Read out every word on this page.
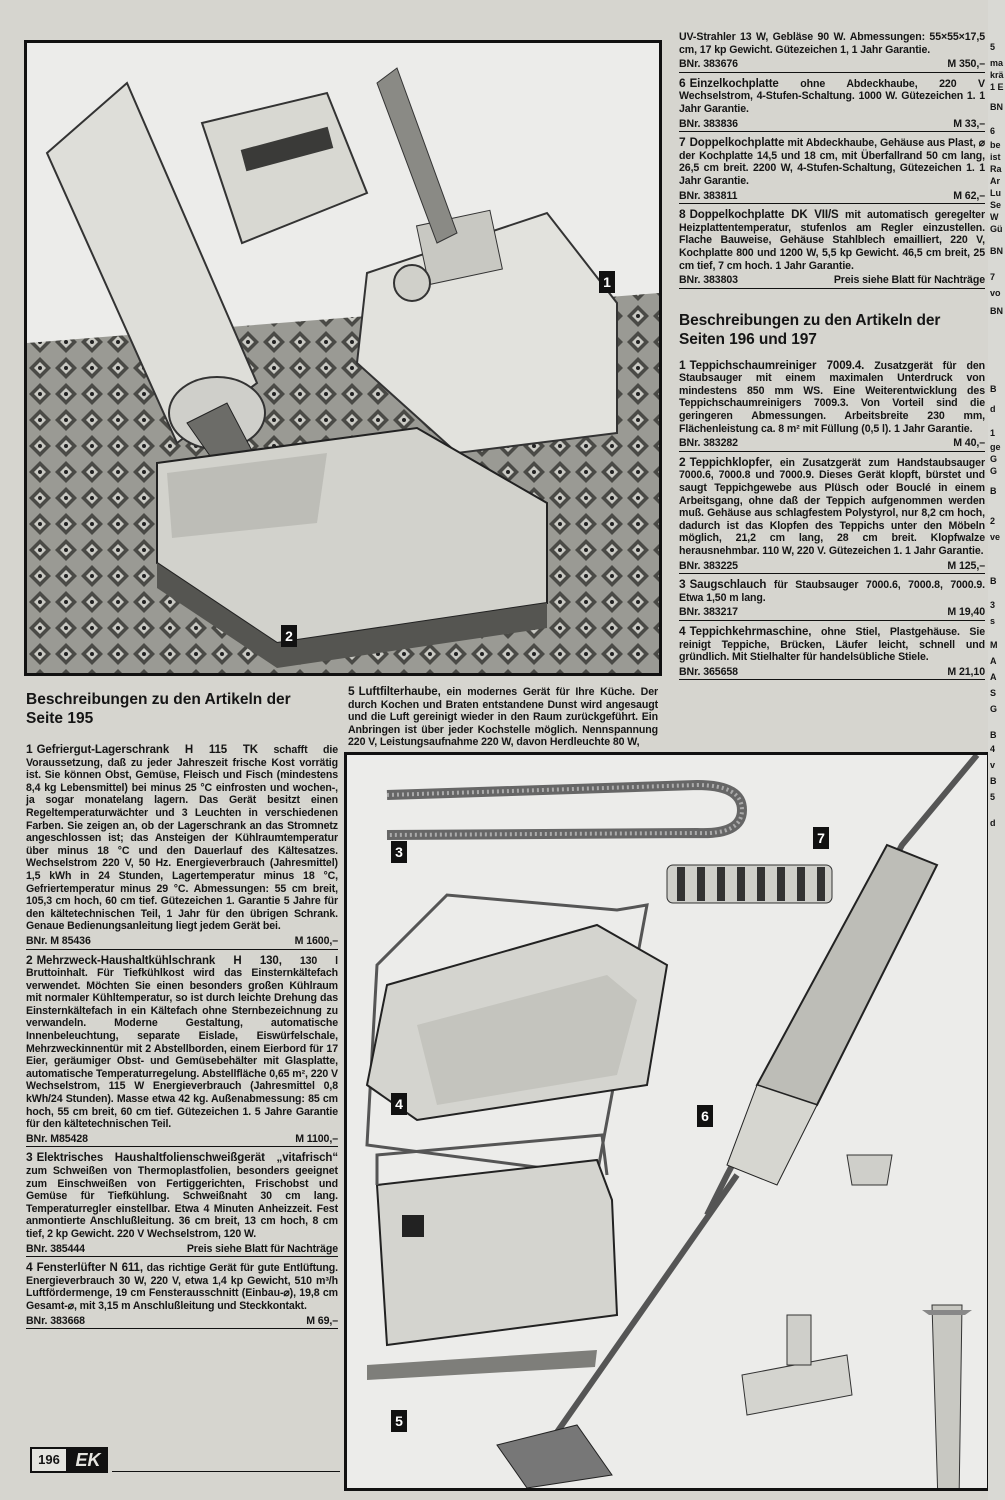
1
2

UV-Strahler 13 W, Gebläse 90 W. Abmessungen: 55×55×17,5 cm, 17 kp Gewicht. Gütezeichen 1, 1 Jahr Garantie.

BNr. 383676	M 350,–

6 Einzelkochplatte ohne Abdeckhaube, 220 V Wechselstrom, 4-Stufen-Schaltung. 1000 W. Gütezeichen 1. 1 Jahr Garantie.

BNr. 383836	M 33,–

7 Doppelkochplatte mit Abdeckhaube, Gehäuse aus Plast, ⌀ der Kochplatte 14,5 und 18 cm, mit Überfallrand 50 cm lang, 26,5 cm breit. 2200 W, 4-Stufen-Schaltung, Gütezeichen 1. 1 Jahr Garantie.

BNr. 383811	M 62,–

8 Doppelkochplatte DK VII/S mit automatisch geregelter Heizplattentemperatur, stufenlos am Regler einzustellen. Flache Bauweise, Gehäuse Stahlblech emailliert, 220 V, Kochplatte 800 und 1200 W, 5,5 kp Gewicht. 46,5 cm breit, 25 cm tief, 7 cm hoch. 1 Jahr Garantie.

BNr. 383803	Preis siehe Blatt für Nachträge
Beschreibungen zu den Artikeln der Seiten 196 und 197

1 Teppichschaumreiniger 7009.4. Zusatzgerät für den Staubsauger mit einem maximalen Unterdruck von mindestens 850 mm WS. Eine Weiterentwicklung des Teppichschaumreinigers 7009.3. Von Vorteil sind die geringeren Abmessungen. Arbeitsbreite 230 mm, Flächenleistung ca. 8 m² mit Füllung (0,5 l). 1 Jahr Garantie.

BNr. 383282	M 40,–

2 Teppichklopfer, ein Zusatzgerät zum Handstaubsauger 7000.6, 7000.8 und 7000.9. Dieses Gerät klopft, bürstet und saugt Teppichgewebe aus Plüsch oder Bouclé in einem Arbeitsgang, ohne daß der Teppich aufgenommen werden muß. Gehäuse aus schlagfestem Polystyrol, nur 8,2 cm hoch, dadurch ist das Klopfen des Teppichs unter den Möbeln möglich, 21,2 cm lang, 28 cm breit. Klopfwalze herausnehmbar. 110 W, 220 V. Gütezeichen 1. 1 Jahr Garantie.

BNr. 383225	M 125,–

3 Saugschlauch für Staubsauger 7000.6, 7000.8, 7000.9. Etwa 1,50 m lang.

BNr. 383217	M 19,40

4 Teppichkehrmaschine, ohne Stiel, Plastgehäuse. Sie reinigt Teppiche, Brücken, Läufer leicht, schnell und gründlich. Mit Stielhalter für handelsübliche Stiele.

BNr. 365658	M 21,10
Beschreibungen zu den Artikeln der Seite 195

1 Gefriergut-Lagerschrank H 115 TK schafft die Voraussetzung, daß zu jeder Jahreszeit frische Kost vorrätig ist. Sie können Obst, Gemüse, Fleisch und Fisch (mindestens 8,4 kg Lebensmittel) bei minus 25 °C einfrosten und wochen-, ja sogar monatelang lagern. Das Gerät besitzt einen Regeltemperaturwächter und 3 Leuchten in verschiedenen Farben. Sie zeigen an, ob der Lagerschrank an das Stromnetz angeschlossen ist; das Ansteigen der Kühlraumtemperatur über minus 18 °C und den Dauerlauf des Kältesatzes. Wechselstrom 220 V, 50 Hz. Energieverbrauch (Jahresmittel) 1,5 kWh in 24 Stunden, Lagertemperatur minus 18 °C, Gefriertemperatur minus 29 °C. Abmessungen: 55 cm breit, 105,3 cm hoch, 60 cm tief. Gütezeichen 1. Garantie 5 Jahre für den kältetechnischen Teil, 1 Jahr für den übrigen Schrank. Genaue Bedienungsanleitung liegt jedem Gerät bei.

BNr. M 85436	M 1600,–

2 Mehrzweck-Haushaltkühlschrank H 130, 130 l Bruttoinhalt. Für Tiefkühlkost wird das Einsternkältefach verwendet. Möchten Sie einen besonders großen Kühlraum mit normaler Kühltemperatur, so ist durch leichte Drehung das Einsternkältefach in ein Kältefach ohne Sternbezeichnung zu verwandeln. Moderne Gestaltung, automatische Innenbeleuchtung, separate Eislade, Eiswürfelschale, Mehrzweckinnentür mit 2 Abstellborden, einem Eierbord für 17 Eier, geräumiger Obst- und Gemüsebehälter mit Glasplatte, automatische Temperaturregelung. Abstellfläche 0,65 m², 220 V Wechselstrom, 115 W Energieverbrauch (Jahresmittel 0,8 kWh/24 Stunden). Masse etwa 42 kg. Außenabmessung: 85 cm hoch, 55 cm breit, 60 cm tief. Gütezeichen 1. 5 Jahre Garantie für den kältetechnischen Teil.

BNr. M85428	M 1100,–

3 Elektrisches Haushaltfolienschweißgerät „vitafrisch“ zum Schweißen von Thermoplastfolien, besonders geeignet zum Einschweißen von Fertiggerichten, Frischobst und Gemüse für Tiefkühlung. Schweißnaht 30 cm lang. Temperaturregler einstellbar. Etwa 4 Minuten Anheizzeit. Fest anmontierte Anschlußleitung. 36 cm breit, 13 cm hoch, 8 cm tief, 2 kp Gewicht. 220 V Wechselstrom, 120 W.

BNr. 385444	Preis siehe Blatt für Nachträge

4 Fensterlüfter N 611, das richtige Gerät für gute Entlüftung. Energieverbrauch 30 W, 220 V, etwa 1,4 kp Gewicht, 510 m³/h Luftfördermenge, 19 cm Fensterausschnitt (Einbau-⌀), 19,8 cm Gesamt-⌀, mit 3,15 m Anschlußleitung und Steckkontakt.

BNr. 383668	M 69,–

5 Luftfilterhaube, ein modernes Gerät für Ihre Küche. Der durch Kochen und Braten entstandene Dunst wird angesaugt und die Luft gereinigt wieder in den Raum zurückgeführt. Ein Anbringen ist über jeder Kochstelle möglich. Nennspannung 220 V, Leistungsaufnahme 220 W, davon Herdleuchte 80 W,

3
7
4
6
5
196 EK
5
ma
krä
1 E
BN
6
be
ist
Ra
Ar
Lu
Se
W
Gü
BN
7
vo
BN
B
d
1
ge
G
G
B
2
ve
B
3
s
M
A
A
S
G
B
4
v
B
5
d
